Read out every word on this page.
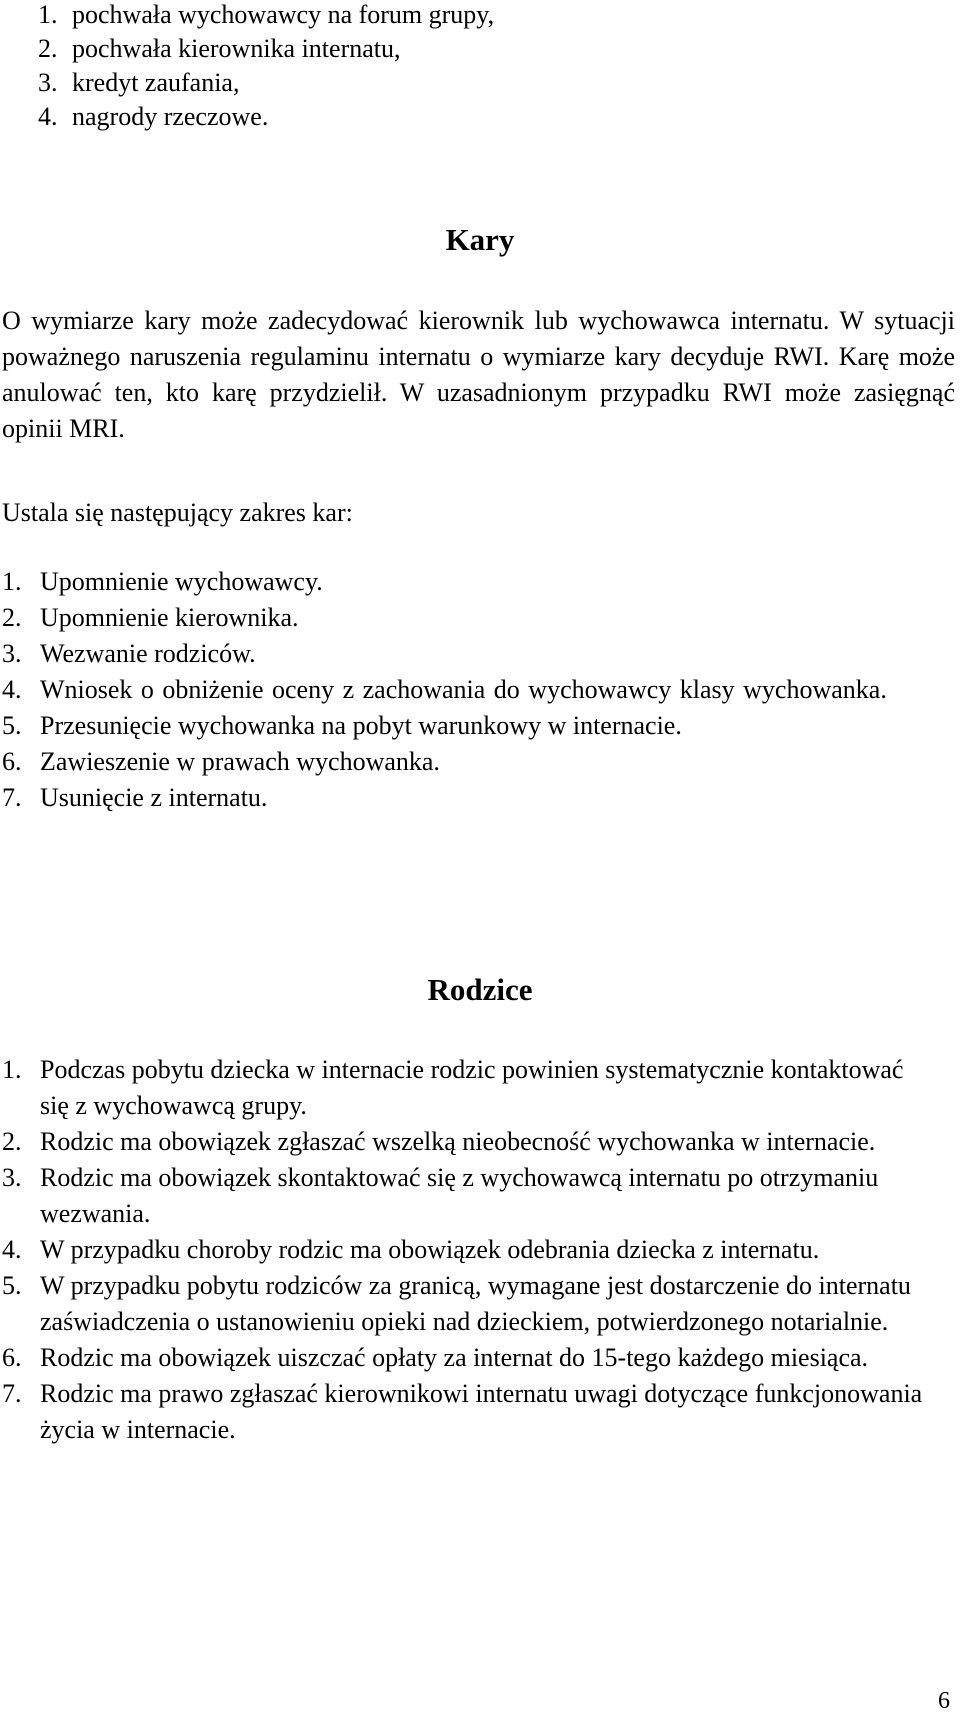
1. pochwała wychowawcy na forum grupy,
2. pochwała kierownika internatu,
3. kredyt zaufania,
4. nagrody rzeczowe.
Kary

O wymiarze kary może zadecydować kierownik lub wychowawca internatu. W sytuacji poważnego naruszenia regulaminu internatu o wymiarze kary decyduje RWI. Karę może anulować ten, kto karę przydzielił. W uzasadnionym przypadku RWI może zasięgnąć opinii MRI.

Ustala się następujący zakres kar:
1. Upomnienie wychowawcy.
2. Upomnienie kierownika.
3. Wezwanie rodziców.
4. Wniosek o obniżenie oceny z zachowania do wychowawcy klasy wychowanka.
5. Przesunięcie wychowanka na pobyt warunkowy w internacie.
6. Zawieszenie w prawach wychowanka.
7. Usunięcie z internatu.
Rodzice
1. Podczas pobytu dziecka w internacie rodzic powinien systematycznie kontaktować się z wychowawcą grupy.
2. Rodzic ma obowiązek zgłaszać wszelką nieobecność wychowanka w internacie.
3. Rodzic ma obowiązek skontaktować się z wychowawcą internatu po otrzymaniu wezwania.
4. W przypadku choroby rodzic ma obowiązek odebrania dziecka z internatu.
5. W przypadku pobytu rodziców za granicą, wymagane jest dostarczenie do internatu zaświadczenia o ustanowieniu opieki nad dzieckiem, potwierdzonego notarialnie.
6. Rodzic ma obowiązek uiszczać opłaty za internat do 15-tego każdego miesiąca.
7. Rodzic ma prawo zgłaszać kierownikowi internatu uwagi dotyczące funkcjonowania życia w internacie.
6
